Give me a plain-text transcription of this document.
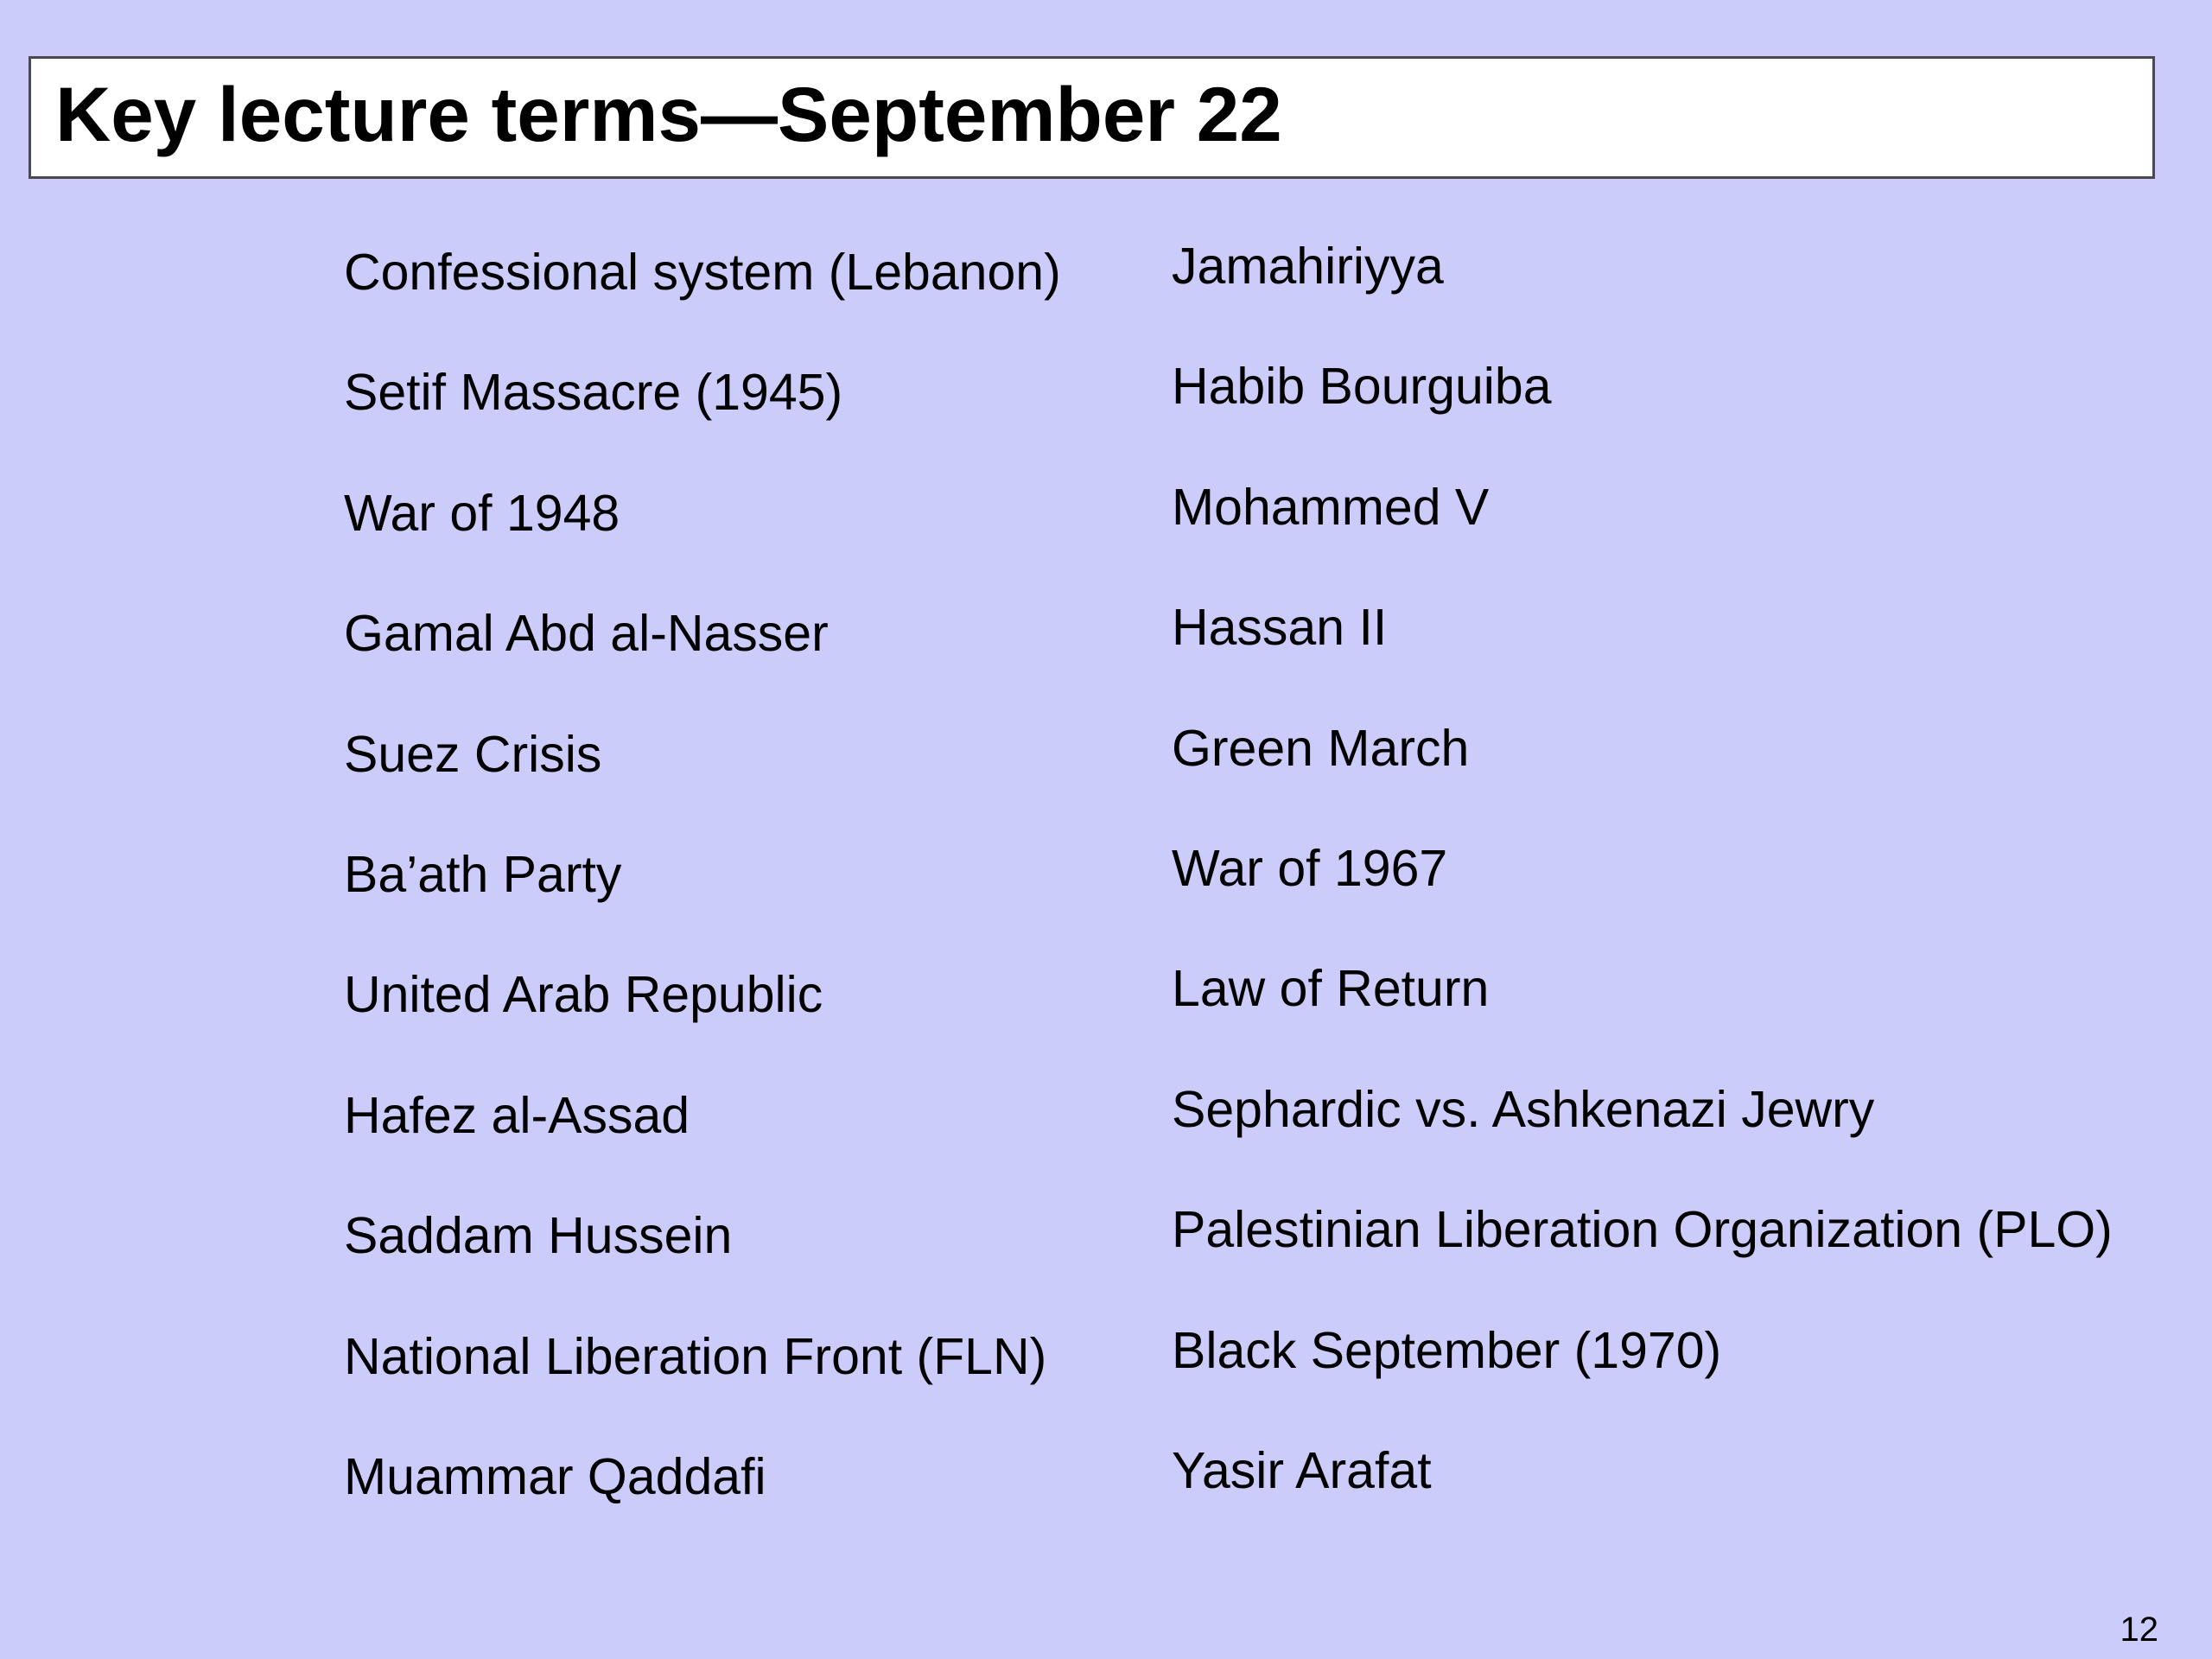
Key lecture terms—September 22
Confessional system (Lebanon)
Setif Massacre (1945)
War of 1948
Gamal Abd al-Nasser
Suez Crisis
Ba’ath Party
United Arab Republic
Hafez al-Assad
Saddam Hussein
National Liberation Front (FLN)
Muammar Qaddafi
Jamahiriyya
Habib Bourguiba
Mohammed V
Hassan II
Green March
War of 1967
Law of Return
Sephardic vs. Ashkenazi Jewry
Palestinian Liberation Organization (PLO)
Black September (1970)
Yasir Arafat
12
